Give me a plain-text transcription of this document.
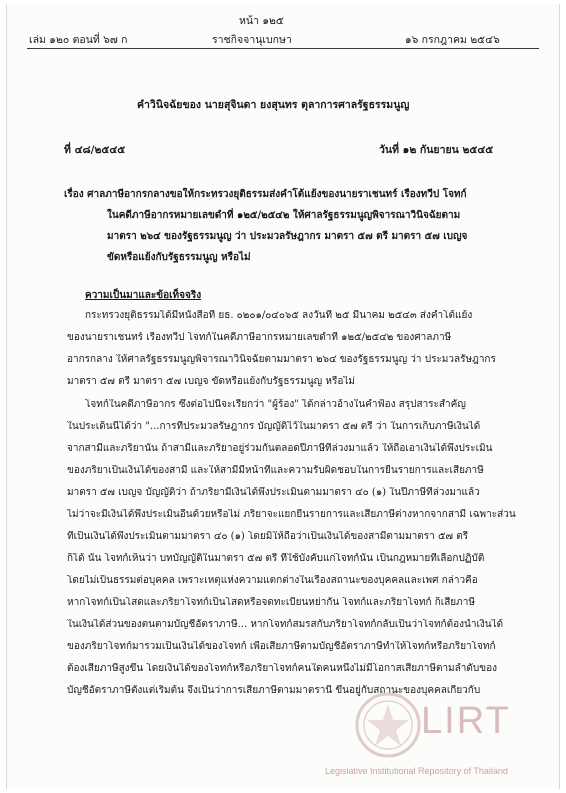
หน้า ๑๒๕
เล่ม ๑๒๐ ตอนที่ ๖๗ ก	ราชกิจจานุเบกษา	๑๖ กรกฎาคม ๒๕๔๖
คำวินิจฉัยของ นายสุจินดา ยงสุนทร ตุลาการศาลรัฐธรรมนูญ
ที่ ๔๘/๒๕๔๕	วันที่ ๑๒ กันยายน ๒๕๔๕
เรื่อง ศาลภาษีอากรกลางขอให้กระทรวงยุติธรรมส่งคำโต้แย้งของนายราเชนทร์ เรืองทวีป โจทก์
ในคดีภาษีอากรหมายเลขดำที่ ๑๒๕/๒๕๔๒ ให้ศาลรัฐธรรมนูญพิจารณาวินิจฉัยตาม
มาตรา ๒๖๔ ของรัฐธรรมนูญ ว่า ประมวลรัษฎากร มาตรา ๕๗ ตรี มาตรา ๕๗ เบญจ
ขัดหรือแย้งกับรัฐธรรมนูญ หรือไม่
ความเป็นมาและข้อเท็จจริง
กระทรวงยุติธรรมได้มีหนังสือที่ ยธ. ๐๒๐๑/๐๔๐๖๕ ลงวันที่ ๒๕ มีนาคม ๒๕๔๓ ส่งคำโต้แย้ง
ของนายราเชนทร์ เรืองทวีป โจทก์ในคดีภาษีอากรหมายเลขดำที่ ๑๒๕/๒๕๔๒ ของศาลภาษี
อากรกลาง ให้ศาลรัฐธรรมนูญพิจารณาวินิจฉัยตามมาตรา ๒๖๔ ของรัฐธรรมนูญ ว่า ประมวลรัษฎากร
มาตรา ๕๗ ตรี มาตรา ๕๗ เบญจ ขัดหรือแย้งกับรัฐธรรมนูญ หรือไม่
โจทก์ในคดีภาษีอากร ซึ่งต่อไปนี้จะเรียกว่า "ผู้ร้อง" ได้กล่าวอ้างในคำฟ้อง สรุปสาระสำคัญ
ในประเด็นนี้ได้ว่า "...การที่ประมวลรัษฎากร บัญญัติไว้ในมาตรา ๕๗ ตรี ว่า ในการเก็บภาษีเงินได้
จากสามีและภริยานั้น ถ้าสามีและภริยาอยู่ร่วมกันตลอดปีภาษีที่ล่วงมาแล้ว ให้ถือเอาเงินได้พึงประเมิน
ของภริยาเป็นเงินได้ของสามี และให้สามีมีหน้าที่และความรับผิดชอบในการยื่นรายการและเสียภาษี
มาตรา ๕๗ เบญจ บัญญัติว่า ถ้าภริยามีเงินได้พึงประเมินตามมาตรา ๔๐ (๑) ในปีภาษีที่ล่วงมาแล้ว
ไม่ว่าจะมีเงินได้พึงประเมินอื่นด้วยหรือไม่ ภริยาจะแยกยื่นรายการและเสียภาษีต่างหากจากสามี เฉพาะส่วน
ที่เป็นเงินได้พึงประเมินตามมาตรา ๔๐ (๑) โดยมิให้ถือว่าเป็นเงินได้ของสามีตามมาตรา ๕๗ ตรี
ก็ได้ นั้น โจทก์เห็นว่า บทบัญญัติในมาตรา ๕๗ ตรี ที่ใช้บังคับแก่โจทก์นั้น เป็นกฎหมายที่เลือกปฏิบัติ
โดยไม่เป็นธรรมต่อบุคคล เพราะเหตุแห่งความแตกต่างในเรื่องสถานะของบุคคลและเพศ กล่าวคือ
หากโจทก์เป็นโสดและภริยาโจทก์เป็นโสดหรือจดทะเบียนหย่ากัน โจทก์และภริยาโจทก์ ก็เสียภาษี
ในเงินได้ส่วนของตนตามบัญชีอัตราภาษี... หากโจทก์สมรสกับภริยาโจทก์กลับเป็นว่าโจทก์ต้องนำเงินได้
ของภริยาโจทก์มารวมเป็นเงินได้ของโจทก์ เพื่อเสียภาษีตามบัญชีอัตราภาษีทำให้โจทก์หรือภริยาโจทก์
ต้องเสียภาษีสูงขึ้น โดยเงินได้ของโจทก์หรือภริยาโจทก์คนใดคนหนึ่งไม่มีโอกาสเสียภาษีตามลำดับของ
บัญชีอัตราภาษีตั้งแต่เริ่มต้น จึงเป็นว่าการเสียภาษีตามมาตรานี้ ขึ้นอยู่กับสถานะของบุคคลเกี่ยวกับ
LIRT
Legislative Institutional Repository of Thailand
